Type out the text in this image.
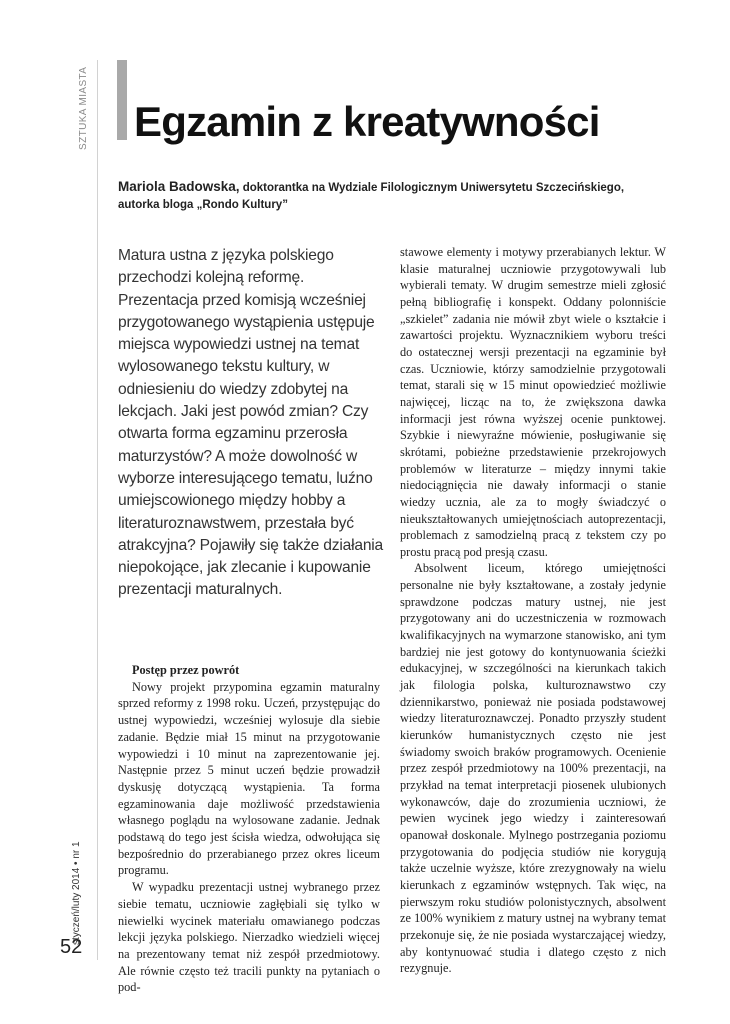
SZTUKA MIASTA
styczeń/luty 2014 • nr 1
52
Egzamin z kreatywności
Mariola Badowska, doktorantka na Wydziale Filologicznym Uniwersytetu Szczecińskiego, autorka bloga „Rondo Kultury”

Matura ustna z języka polskiego przechodzi kolejną reformę. Prezentacja przed komisją wcześniej przygotowanego wystąpienia ustępuje miejsca wypowiedzi ustnej na temat wylosowanego tekstu kultury, w odniesieniu do wiedzy zdobytej na lekcjach. Jaki jest powód zmian? Czy otwarta forma egzaminu przerosła maturzystów? A może dowolność w wyborze interesującego tematu, luźno umiejscowionego między hobby a literaturoznawstwem, przestała być atrakcyjna? Pojawiły się także działania niepokojące, jak zlecanie i kupowanie prezentacji maturalnych.

Postęp przez powrót

Nowy projekt przypomina egzamin maturalny sprzed reformy z 1998 roku. Uczeń, przystępując do ustnej wypowiedzi, wcześniej wylosuje dla siebie zadanie. Będzie miał 15 minut na przygotowanie wypowiedzi i 10 minut na zaprezentowanie jej. Następnie przez 5 minut uczeń będzie prowadził dyskusję dotyczącą wystąpienia. Ta forma egzaminowania daje możliwość przedstawienia własnego poglądu na wylosowane zadanie. Jednak podstawą do tego jest ścisła wiedza, odwołująca się bezpośrednio do przerabianego przez okres liceum programu.

W wypadku prezentacji ustnej wybranego przez siebie tematu, uczniowie zagłębiali się tylko w niewielki wycinek materiału omawianego podczas lekcji języka polskiego. Nierzadko wiedzieli więcej na prezentowany temat niż zespół przedmiotowy. Ale równie często też tracili punkty na pytaniach o pod-

stawowe elementy i motywy przerabianych lektur. W klasie maturalnej uczniowie przygotowywali lub wybierali tematy. W drugim semestrze mieli zgłosić pełną bibliografię i konspekt. Oddany polonniście „szkielet” zadania nie mówił zbyt wiele o kształcie i zawartości projektu. Wyznacznikiem wyboru treści do ostatecznej wersji prezentacji na egzaminie był czas. Uczniowie, którzy samodzielnie przygotowali temat, starali się w 15 minut opowiedzieć możliwie najwięcej, licząc na to, że zwiększona dawka informacji jest równa wyższej ocenie punktowej. Szybkie i niewyraźne mówienie, posługiwanie się skrótami, pobieżne przedstawienie przekrojowych problemów w literaturze – między innymi takie niedociągnięcia nie dawały informacji o stanie wiedzy ucznia, ale za to mogły świadczyć o nieukształtowanych umiejętnościach autoprezentacji, problemach z samodzielną pracą z tekstem czy po prostu pracą pod presją czasu.

Absolwent liceum, którego umiejętności personalne nie były kształtowane, a zostały jedynie sprawdzone podczas matury ustnej, nie jest przygotowany ani do uczestniczenia w rozmowach kwalifikacyjnych na wymarzone stanowisko, ani tym bardziej nie jest gotowy do kontynuowania ścieżki edukacyjnej, w szczególności na kierunkach takich jak filologia polska, kulturoznawstwo czy dziennikarstwo, ponieważ nie posiada podstawowej wiedzy literaturoznawczej. Ponadto przyszły student kierunków humanistycznych często nie jest świadomy swoich braków programowych. Ocenienie przez zespół przedmiotowy na 100% prezentacji, na przykład na temat interpretacji piosenek ulubionych wykonawców, daje do zrozumienia uczniowi, że pewien wycinek jego wiedzy i zainteresowań opanował doskonale. Mylnego postrzegania poziomu przygotowania do podjęcia studiów nie korygują także uczelnie wyższe, które zrezygnowały na wielu kierunkach z egzaminów wstępnych. Tak więc, na pierwszym roku studiów polonistycznych, absolwent ze 100% wynikiem z matury ustnej na wybrany temat przekonuje się, że nie posiada wystarczającej wiedzy, aby kontynuować studia i dlatego często z nich rezygnuje.
